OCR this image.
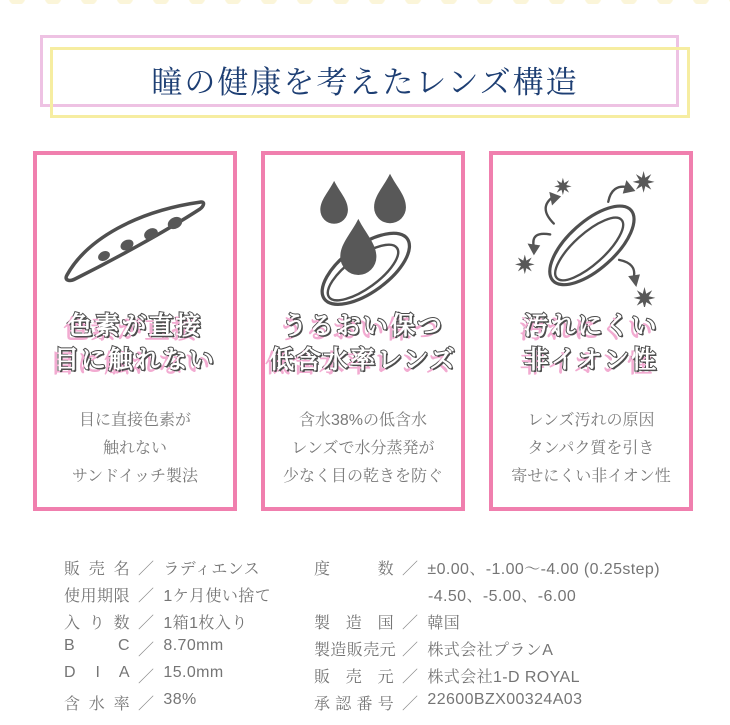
瞳の健康を考えたレンズ構造
色素が直接
目に触れない
目に直接色素が
触れない
サンドイッチ製法
うるおい保つ
低含水率レンズ
含水38%の低含水
レンズで水分蒸発が
少なく目の乾きを防ぐ
汚れにくい
非イオン性
レンズ汚れの原因
タンパク質を引き
寄せにくい非イオン性
販 売 名 ／ ラディエンス
使用期限 ／ 1ケ月使い捨て
入 り 数 ／ 1箱1枚入り
B C ／ 8.70mm
D I A ／ 15.0mm
含 水 率 ／ 38%
度 数 ／ ±0.00、-1.00〜-4.00 (0.25step)
-4.50、-5.00、-6.00
製 造 国 ／ 韓国
製造販売元 ／ 株式会社プランA
販 売 元 ／ 株式会社1-D ROYAL
承 認 番 号 ／ 22600BZX00324A03
